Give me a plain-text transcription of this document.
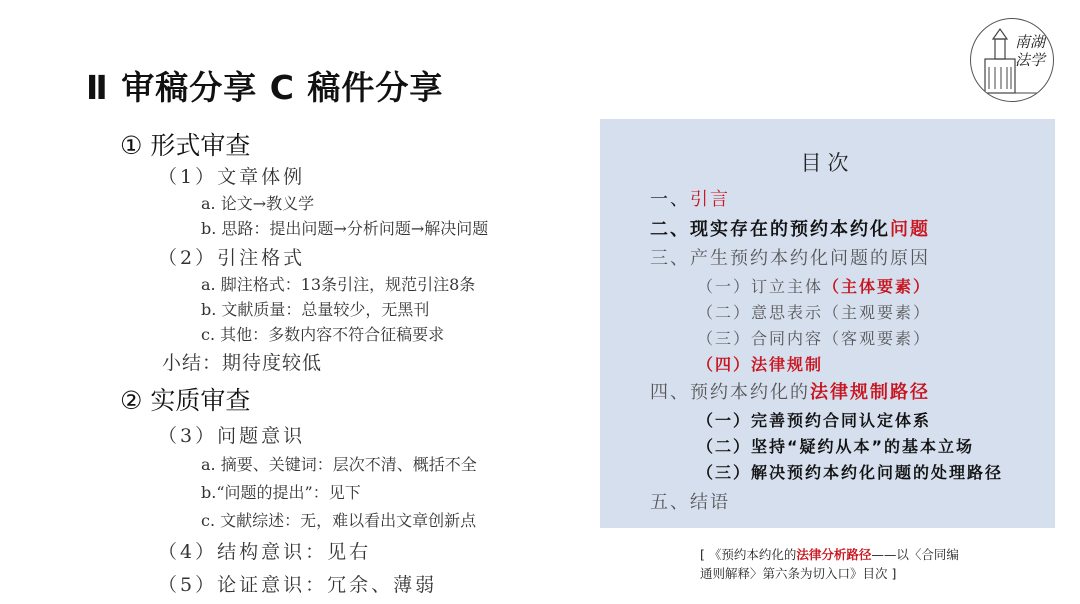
南湖
法学
Ⅱ 审稿分享 C 稿件分享
① 形式审查
（1）文章体例
a. 论文→教义学
b. 思路：提出问题→分析问题→解决问题
（2）引注格式
a. 脚注格式：13条引注，规范引注8条
b. 文献质量：总量较少，无黑刊
c. 其他：多数内容不符合征稿要求
小结：期待度较低
② 实质审查
（3）问题意识
a. 摘要、关键词：层次不清、概括不全
b.“问题的提出”：见下
c. 文献综述：无，难以看出文章创新点
（4）结构意识：见右
（5）论证意识：冗余、薄弱
目次
一、引言
二、现实存在的预约本约化问题
三、产生预约本约化问题的原因
（一）订立主体（主体要素）
（二）意思表示（主观要素）
（三）合同内容（客观要素）
（四）法律规制
四、预约本约化的法律规制路径
（一）完善预约合同认定体系
（二）坚持“疑约从本”的基本立场
（三）解决预约本约化问题的处理路径
五、结语
[ 《预约本约化的法律分析路径——以〈合同编通则解释〉第六条为切入口》目次 ]
